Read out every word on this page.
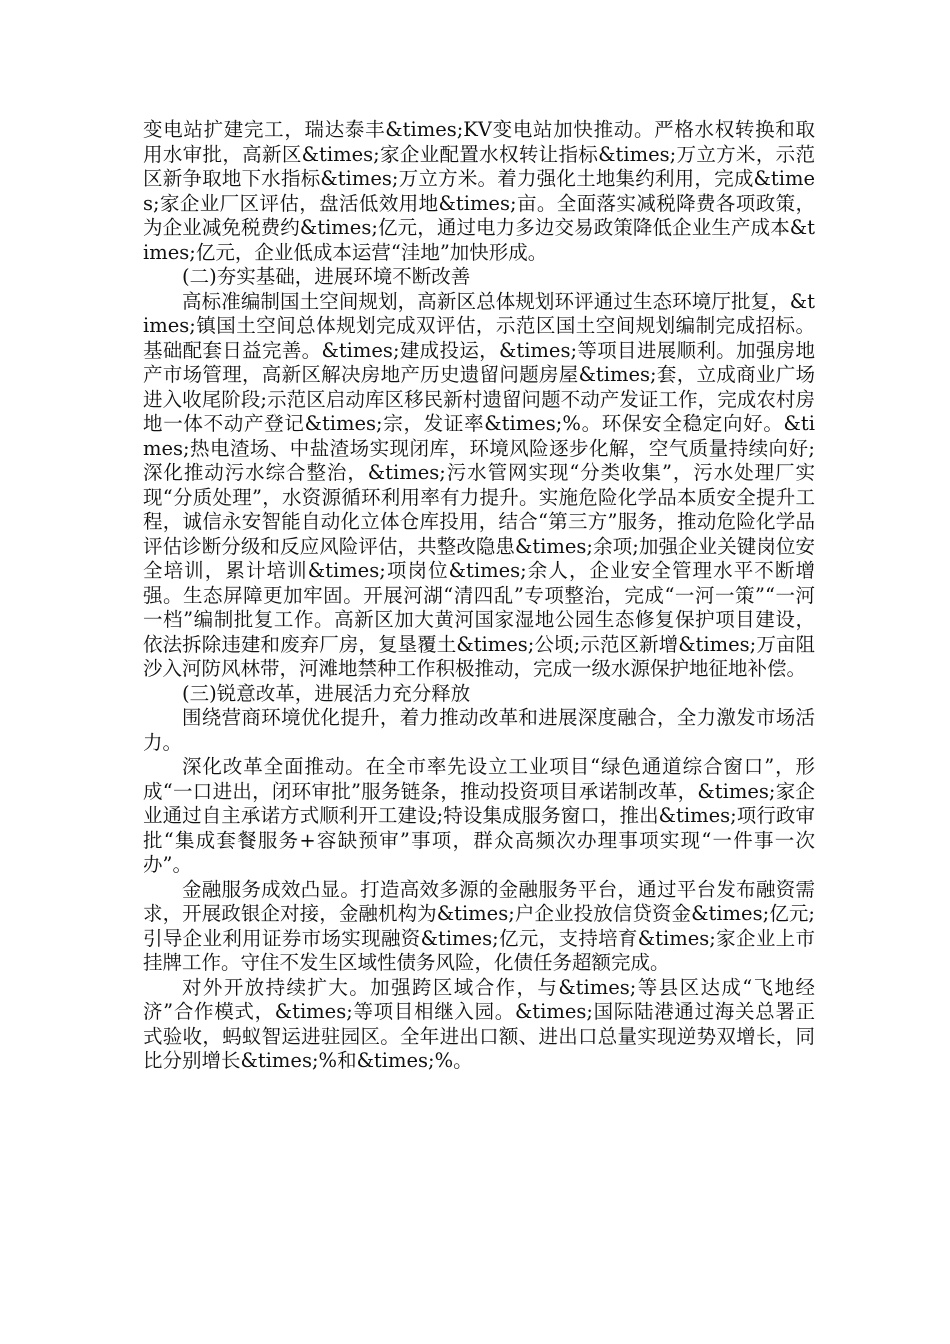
变电站扩建完工，瑞达泰丰&times;KV变电站加快推动。严格水权转换和取用水审批，高新区&times;家企业配置水权转让指标&times;万立方米，示范区新争取地下水指标&times;万立方米。着力强化土地集约利用，完成&times;家企业厂区评估，盘活低效用地&times;亩。全面落实减税降费各项政策，为企业减免税费约&times;亿元，通过电力多边交易政策降低企业生产成本&times;亿元，企业低成本运营“洼地”加快形成。

(二)夯实基础，进展环境不断改善

高标准编制国土空间规划，高新区总体规划环评通过生态环境厅批复，&times;镇国土空间总体规划完成双评估，示范区国土空间规划编制完成招标。基础配套日益完善。&times;建成投运，&times;等项目进展顺利。加强房地产市场管理，高新区解决房地产历史遗留问题房屋&times;套，立成商业广场进入收尾阶段;示范区启动库区移民新村遗留问题不动产发证工作，完成农村房地一体不动产登记&times;宗，发证率&times;%。环保安全稳定向好。&times;热电渣场、中盐渣场实现闭库，环境风险逐步化解，空气质量持续向好;深化推动污水综合整治，&times;污水管网实现“分类收集”，污水处理厂实现“分质处理”，水资源循环利用率有力提升。实施危险化学品本质安全提升工程，诚信永安智能自动化立体仓库投用，结合“第三方”服务，推动危险化学品评估诊断分级和反应风险评估，共整改隐患&times;余项;加强企业关键岗位安全培训，累计培训&times;项岗位&times;余人，企业安全管理水平不断增强。生态屏障更加牢固。开展河湖“清四乱”专项整治，完成“一河一策”“一河一档”编制批复工作。高新区加大黄河国家湿地公园生态修复保护项目建设，依法拆除违建和废弃厂房，复垦覆土&times;公顷;示范区新增&times;万亩阻沙入河防风林带，河滩地禁种工作积极推动，完成一级水源保护地征地补偿。

(三)锐意改革，进展活力充分释放

围绕营商环境优化提升，着力推动改革和进展深度融合，全力激发市场活力。

深化改革全面推动。在全市率先设立工业项目“绿色通道综合窗口”，形成“一口进出，闭环审批”服务链条，推动投资项目承诺制改革，&times;家企业通过自主承诺方式顺利开工建设;特设集成服务窗口，推出&times;项行政审批“集成套餐服务+容缺预审”事项，群众高频次办理事项实现“一件事一次办”。

金融服务成效凸显。打造高效多源的金融服务平台，通过平台发布融资需求，开展政银企对接，金融机构为&times;户企业投放信贷资金&times;亿元;引导企业利用证券市场实现融资&times;亿元，支持培育&times;家企业上市挂牌工作。守住不发生区域性债务风险，化债任务超额完成。

对外开放持续扩大。加强跨区域合作，与&times;等县区达成“飞地经济”合作模式，&times;等项目相继入园。&times;国际陆港通过海关总署正式验收，蚂蚁智运进驻园区。全年进出口额、进出口总量实现逆势双增长，同比分别增长&times;%和&times;%。
